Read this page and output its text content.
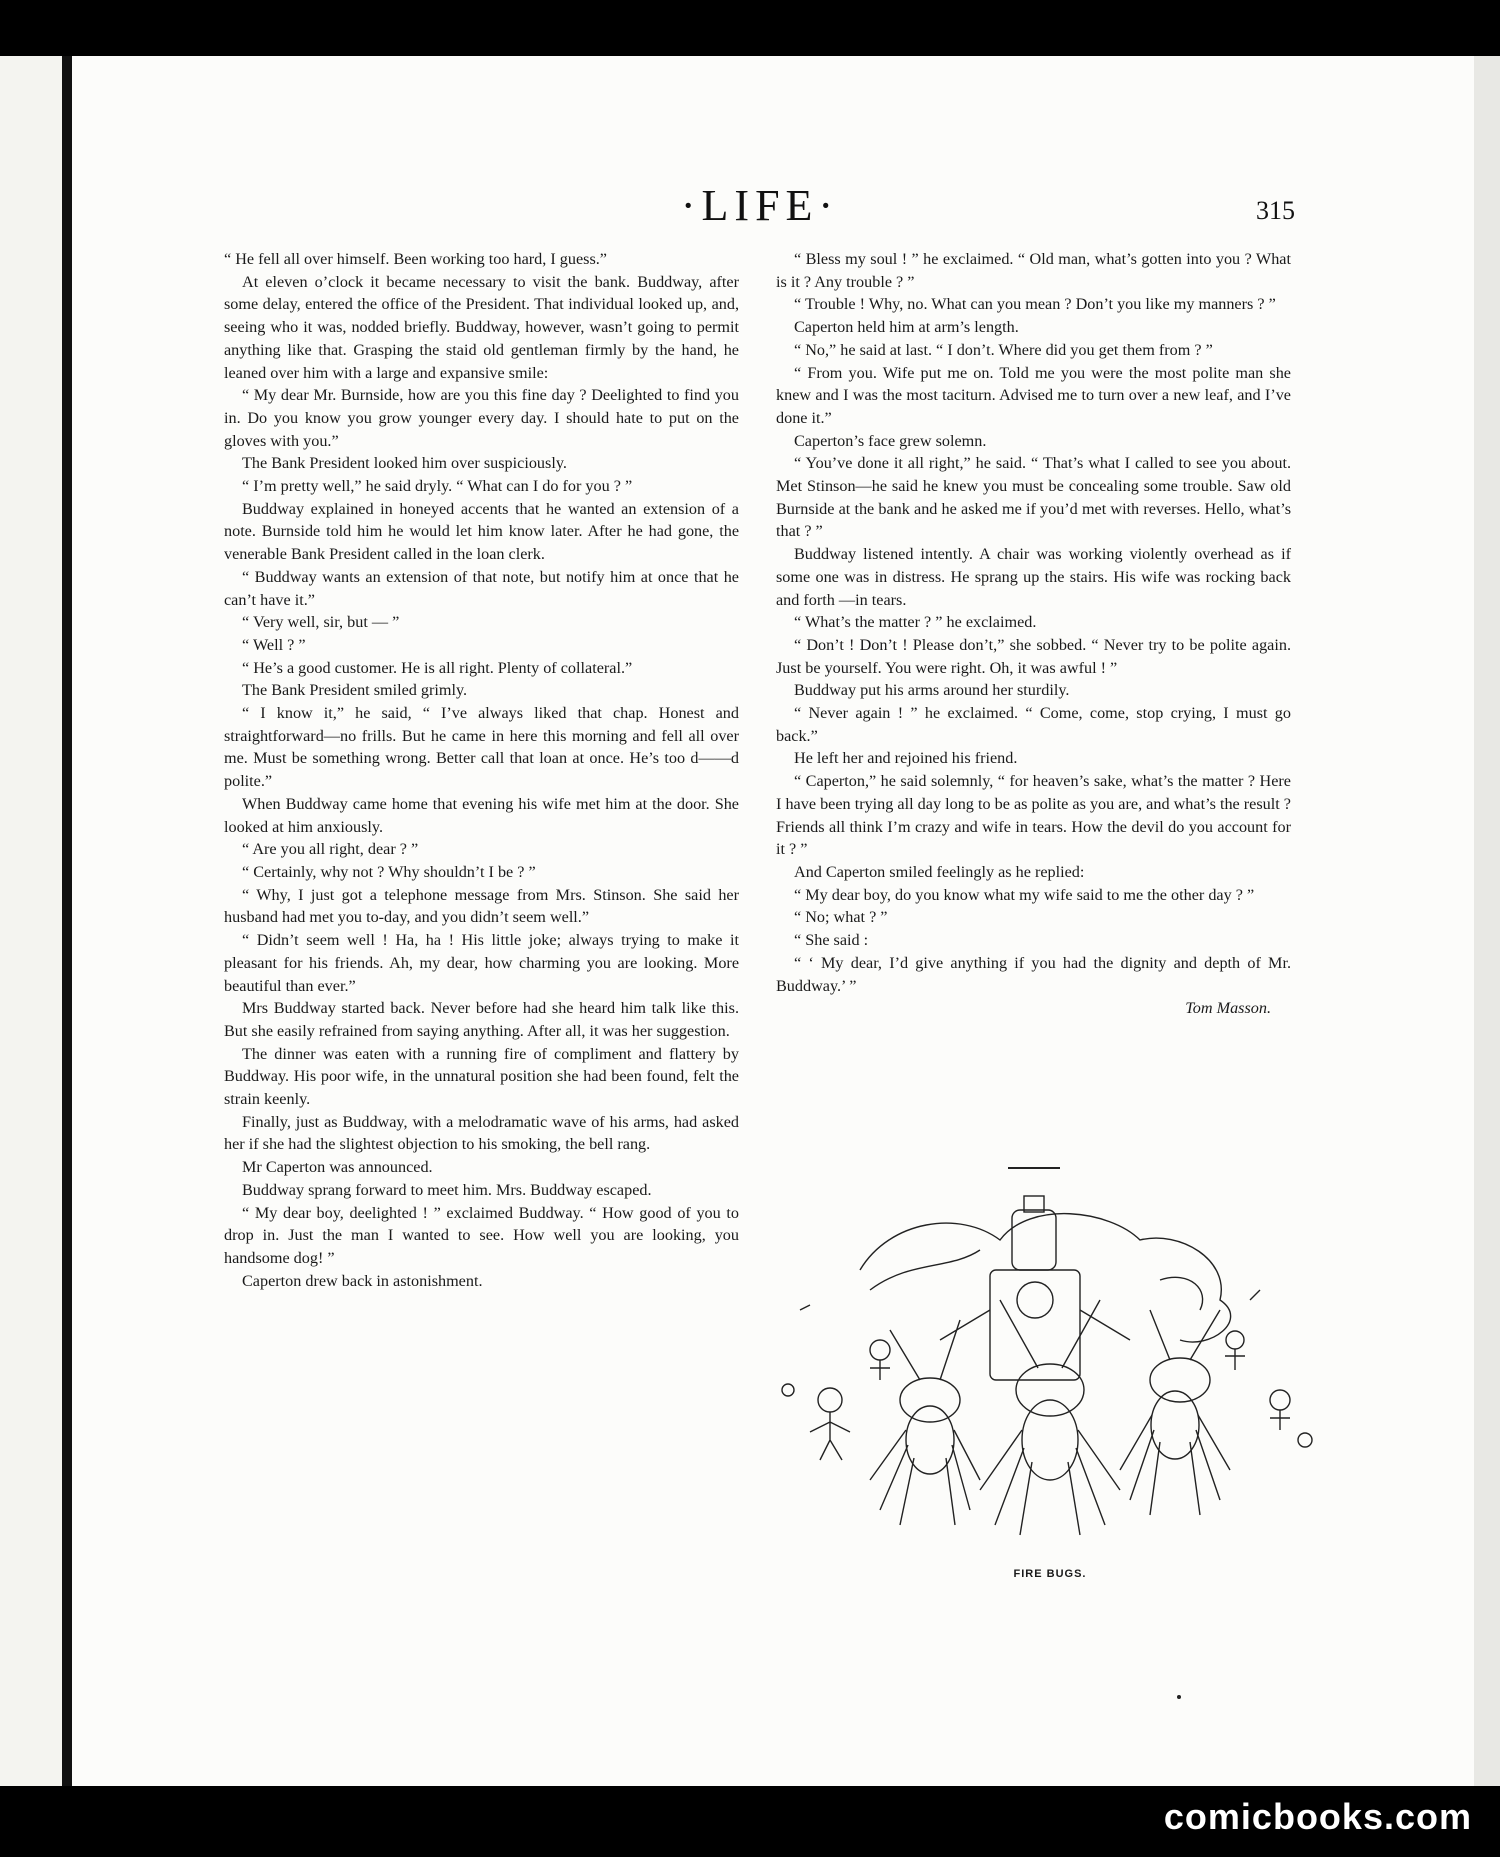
·LIFE·	315

“ He fell all over himself. Been working too hard, I guess.”

At eleven o’clock it became necessary to visit the bank. Buddway, after some delay, entered the office of the President. That individual looked up, and, seeing who it was, nodded briefly. Buddway, however, wasn’t going to permit anything like that. Grasping the staid old gentleman firmly by the hand, he leaned over him with a large and expansive smile:

“ My dear Mr. Burnside, how are you this fine day ? Deelighted to find you in. Do you know you grow younger every day. I should hate to put on the gloves with you.”

The Bank President looked him over suspiciously.

“ I’m pretty well,” he said dryly. “ What can I do for you ? ”

Buddway explained in honeyed accents that he wanted an extension of a note. Burnside told him he would let him know later. After he had gone, the venerable Bank President called in the loan clerk.

“ Buddway wants an extension of that note, but notify him at once that he can’t have it.”

“ Very well, sir, but — ”

“ Well ? ”

“ He’s a good customer. He is all right. Plenty of collateral.”

The Bank President smiled grimly.

“ I know it,” he said, “ I’ve always liked that chap. Honest and straightforward—no frills. But he came in here this morning and fell all over me. Must be something wrong. Better call that loan at once. He’s too d——d polite.”

When Buddway came home that evening his wife met him at the door. She looked at him anxiously.

“ Are you all right, dear ? ”

“ Certainly, why not ? Why shouldn’t I be ? ”

“ Why, I just got a telephone message from Mrs. Stinson. She said her husband had met you to-day, and you didn’t seem well.”

“ Didn’t seem well ! Ha, ha ! His little joke; always trying to make it pleasant for his friends. Ah, my dear, how charming you are looking. More beautiful than ever.”

Mrs Buddway started back. Never before had she heard him talk like this. But she easily refrained from saying anything. After all, it was her suggestion.

The dinner was eaten with a running fire of compliment and flattery by Buddway. His poor wife, in the unnatural position she had been found, felt the strain keenly.

Finally, just as Buddway, with a melodramatic wave of his arms, had asked her if she had the slightest objection to his smoking, the bell rang.

Mr Caperton was announced.

Buddway sprang forward to meet him. Mrs. Buddway escaped.

“ My dear boy, deelighted ! ” exclaimed Buddway. “ How good of you to drop in. Just the man I wanted to see. How well you are looking, you handsome dog! ”

Caperton drew back in astonishment.

“ Bless my soul ! ” he exclaimed. “ Old man, what’s gotten into you ? What is it ? Any trouble ? ”

“ Trouble ! Why, no. What can you mean ? Don’t you like my manners ? ”

Caperton held him at arm’s length.

“ No,” he said at last. “ I don’t. Where did you get them from ? ”

“ From you. Wife put me on. Told me you were the most polite man she knew and I was the most taciturn. Advised me to turn over a new leaf, and I’ve done it.”

Caperton’s face grew solemn.

“ You’ve done it all right,” he said. “ That’s what I called to see you about. Met Stinson—he said he knew you must be concealing some trouble. Saw old Burnside at the bank and he asked me if you’d met with reverses. Hello, what’s that ? ”

Buddway listened intently. A chair was working violently overhead as if some one was in distress. He sprang up the stairs. His wife was rocking back and forth —in tears.

“ What’s the matter ? ” he exclaimed.

“ Don’t ! Don’t ! Please don’t,” she sobbed. “ Never try to be polite again. Just be yourself. You were right. Oh, it was awful ! ”

Buddway put his arms around her sturdily.

“ Never again ! ” he exclaimed. “ Come, come, stop crying, I must go back.”

He left her and rejoined his friend.

“ Caperton,” he said solemnly, “ for heaven’s sake, what’s the matter ? Here I have been trying all day long to be as polite as you are, and what’s the result ? Friends all think I’m crazy and wife in tears. How the devil do you account for it ? ”

And Caperton smiled feelingly as he replied:

“ My dear boy, do you know what my wife said to me the other day ? ”

“ No; what ? ”

“ She said :

“ ‘ My dear, I’d give anything if you had the dignity and depth of Mr. Buddway.’ ”

Tom Masson.

FIRE BUGS.
comicbooks.com
